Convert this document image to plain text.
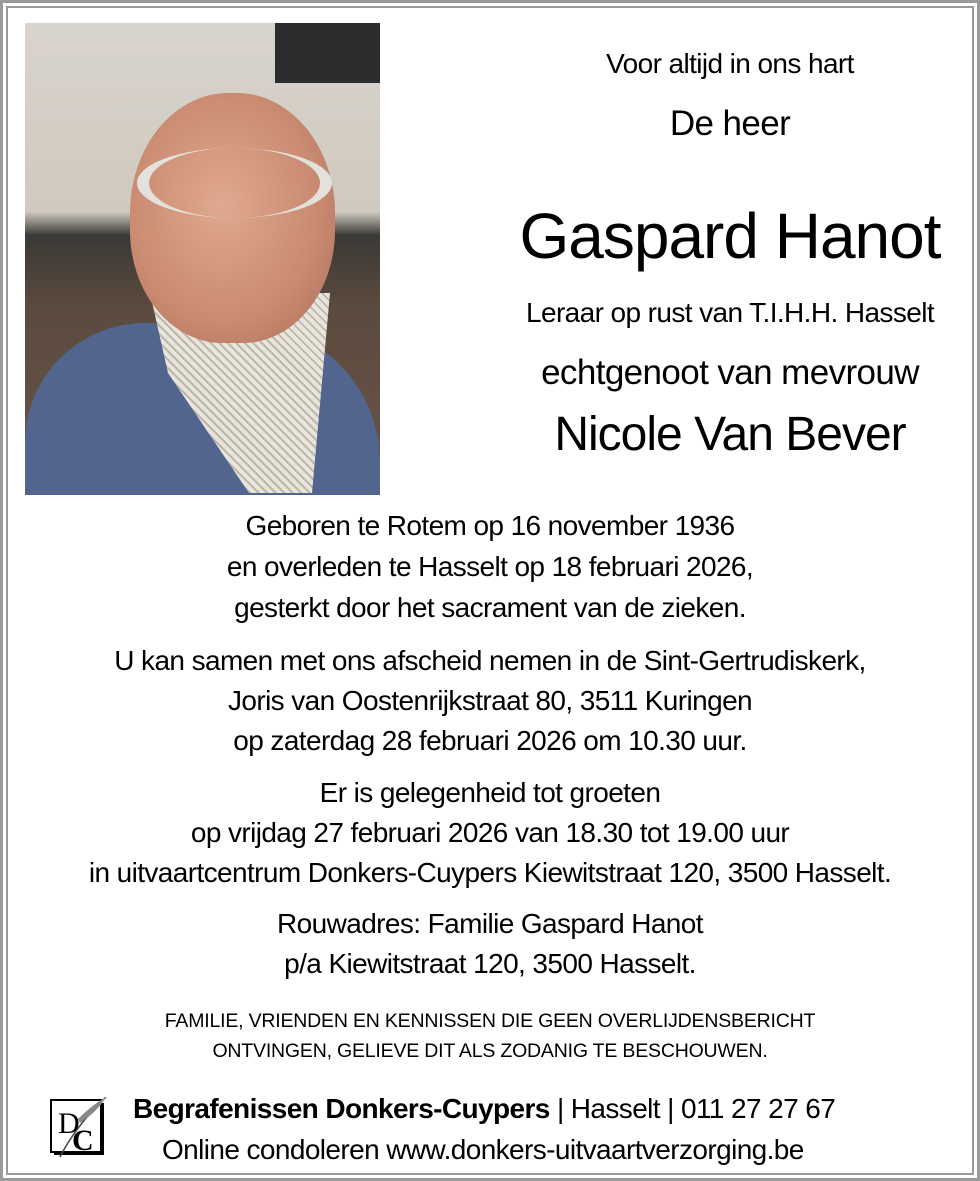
Voor altijd in ons hart
De heer
Gaspard Hanot
Leraar op rust van T.I.H.H. Hasselt
echtgenoot van mevrouw
Nicole Van Bever
Geboren te Rotem op 16 november 1936
en overleden te Hasselt op 18 februari 2026,
gesterkt door het sacrament van de zieken.
U kan samen met ons afscheid nemen in de Sint-Gertrudiskerk,
Joris van Oostenrijkstraat 80, 3511 Kuringen
op zaterdag 28 februari 2026 om 10.30 uur.
Er is gelegenheid tot groeten
op vrijdag 27 februari 2026 van 18.30 tot 19.00 uur
in uitvaartcentrum Donkers-Cuypers Kiewitstraat 120, 3500 Hasselt.
Rouwadres: Familie Gaspard Hanot
p/a Kiewitstraat 120, 3500 Hasselt.
FAMILIE, VRIENDEN EN KENNISSEN DIE GEEN OVERLIJDENSBERICHT
ONTVINGEN, GELIEVE DIT ALS ZODANIG TE BESCHOUWEN.
D
C
Begrafenissen Donkers-Cuypers | Hasselt | 011 27 27 67
Online condoleren www.donkers-uitvaartverzorging.be
